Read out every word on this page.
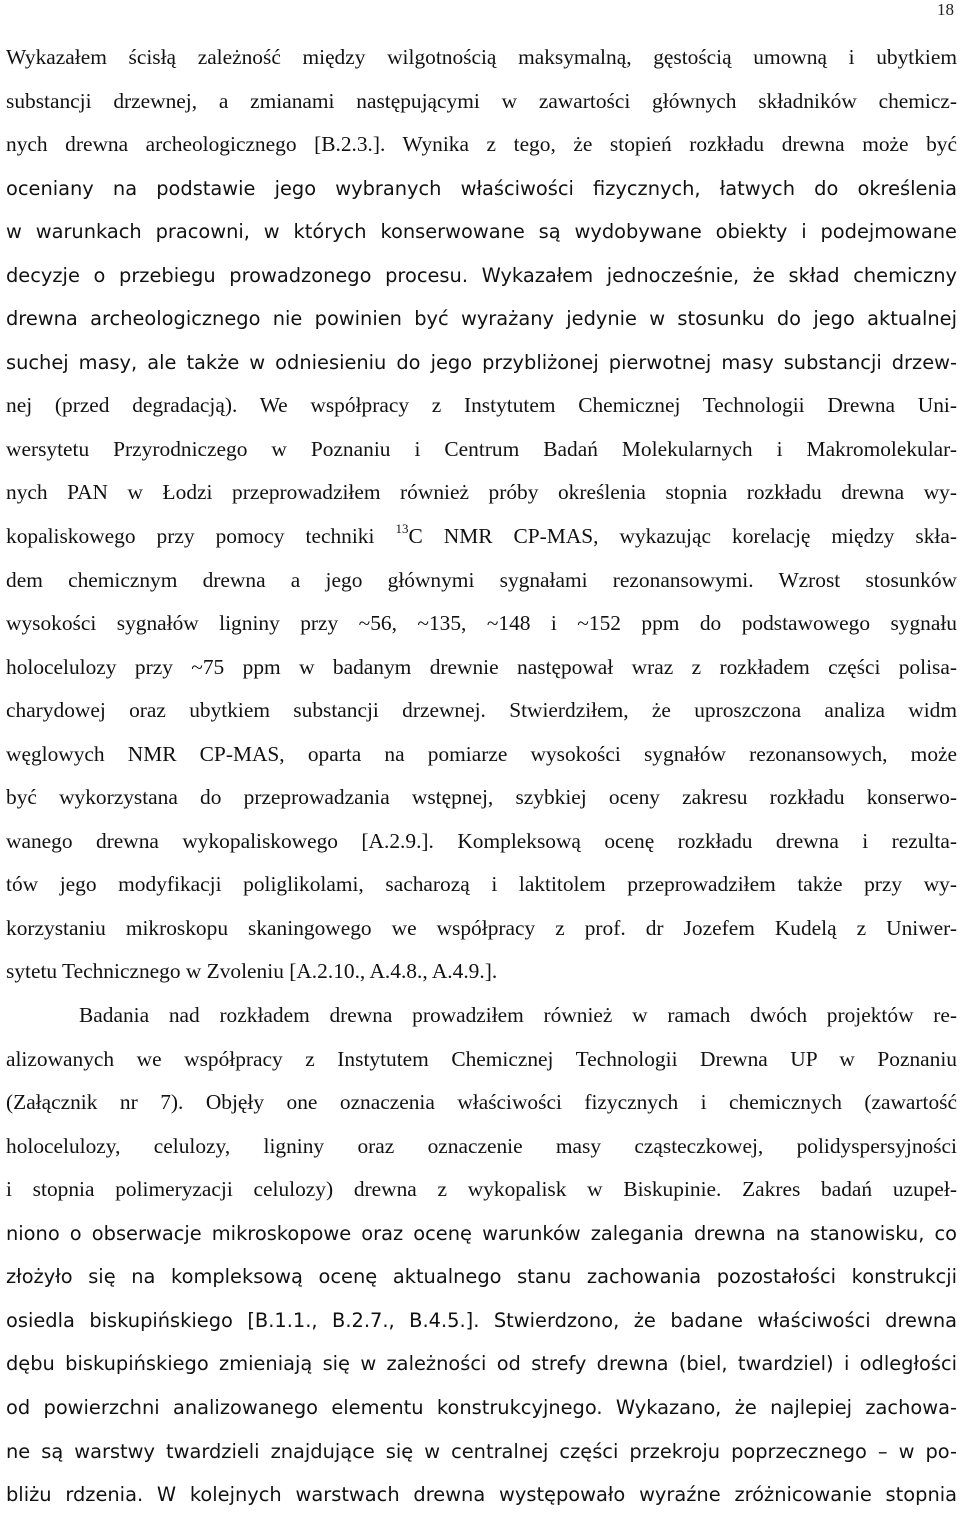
18
Wykazałem ścisłą zależność między wilgotnością maksymalną, gęstością umowną i ubytkiem
substancji drzewnej, a zmianami następującymi w zawartości głównych składników chemicz-
nych drewna archeologicznego [B.2.3.]. Wynika z tego, że stopień rozkładu drewna może być
oceniany na podstawie jego wybranych właściwości fizycznych, łatwych do określenia
w warunkach pracowni, w których konserwowane są wydobywane obiekty i podejmowane
decyzje o przebiegu prowadzonego procesu. Wykazałem jednocześnie, że skład chemiczny
drewna archeologicznego nie powinien być wyrażany jedynie w stosunku do jego aktualnej
suchej masy, ale także w odniesieniu do jego przybliżonej pierwotnej masy substancji drzew-
nej (przed degradacją). We współpracy z Instytutem Chemicznej Technologii Drewna Uni-
wersytetu Przyrodniczego w Poznaniu i Centrum Badań Molekularnych i Makromolekular-
nych PAN w Łodzi przeprowadziłem również próby określenia stopnia rozkładu drewna wy-
kopaliskowego przy pomocy techniki $^{13}$C NMR CP-MAS, wykazując korelację między skła-
dem chemicznym drewna a jego głównymi sygnałami rezonansowymi. Wzrost stosunków
wysokości sygnałów ligniny przy ~56, ~135, ~148 i ~152 ppm do podstawowego sygnału
holocelulozy przy ~75 ppm w badanym drewnie następował wraz z rozkładem części polisa-
charydowej oraz ubytkiem substancji drzewnej. Stwierdziłem, że uproszczona analiza widm
węglowych NMR CP-MAS, oparta na pomiarze wysokości sygnałów rezonansowych, może
być wykorzystana do przeprowadzania wstępnej, szybkiej oceny zakresu rozkładu konserwo-
wanego drewna wykopaliskowego [A.2.9.]. Kompleksową ocenę rozkładu drewna i rezulta-
tów jego modyfikacji poliglikolami, sacharozą i laktitolem przeprowadziłem także przy wy-
korzystaniu mikroskopu skaningowego we współpracy z prof. dr Jozefem Kudelą z Uniwer-
sytetu Technicznego w Zvoleniu [A.2.10., A.4.8., A.4.9.].
Badania nad rozkładem drewna prowadziłem również w ramach dwóch projektów re-
alizowanych we współpracy z Instytutem Chemicznej Technologii Drewna UP w Poznaniu
(Załącznik nr 7). Objęły one oznaczenia właściwości fizycznych i chemicznych (zawartość
holocelulozy, celulozy, ligniny oraz oznaczenie masy cząsteczkowej, polidyspersyjności
i stopnia polimeryzacji celulozy) drewna z wykopalisk w Biskupinie. Zakres badań uzupeł-
niono o obserwacje mikroskopowe oraz ocenę warunków zalegania drewna na stanowisku, co
złożyło się na kompleksową ocenę aktualnego stanu zachowania pozostałości konstrukcji
osiedla biskupińskiego [B.1.1., B.2.7., B.4.5.]. Stwierdzono, że badane właściwości drewna
dębu biskupińskiego zmieniają się w zależności od strefy drewna (biel, twardziel) i odległości
od powierzchni analizowanego elementu konstrukcyjnego. Wykazano, że najlepiej zachowa-
ne są warstwy twardzieli znajdujące się w centralnej części przekroju poprzecznego – w po-
bliżu rdzenia. W kolejnych warstwach drewna występowało wyraźne zróżnicowanie stopnia
